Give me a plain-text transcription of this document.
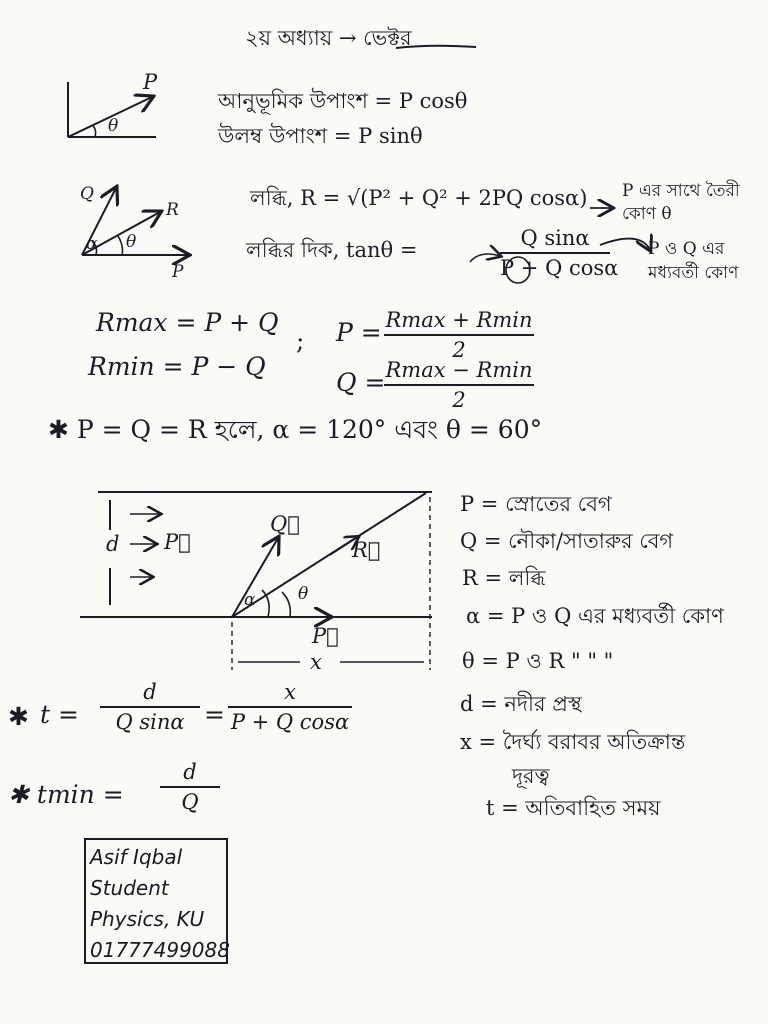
২য় অধ্যায় → ভেক্টর
P
θ
আনুভূমিক উপাংশ = P cosθ
উলম্ব উপাংশ = P sinθ
Q
R
P
α θ
লব্ধি, R = √(P² + Q² + 2PQ cosα) P এর সাথে তৈরী
কোণ θ
লব্ধির দিক, tanθ =	Q sinα
P + Q cosα
P ও Q এর
মধ্যবর্তী কোণ
Rmax = P + Q
Rmin = P − Q
; P = Rmax + Rmin
2
Q = Rmax − Rmin
2
✱ P = Q = R হলে, α = 120° এবং θ = 60°
d P⃗
Q⃗
R⃗
P⃗
θ
α
x
P = স্রোতের বেগ
Q = নৌকা/সাতারুর বেগ
R = লব্ধি
α = P ও Q এর মধ্যবর্তী কোণ
θ = P ও R " " "
d = নদীর প্রস্থ
x = দৈর্ঘ্য বরাবর অতিক্রান্ত
দূরত্ব
t = অতিবাহিত সময়
✱ t =
d
Q sinα =
x
P + Q cosα
✱ tmin =
d
Q
Asif Iqbal
Student
Physics, KU
01777499088
